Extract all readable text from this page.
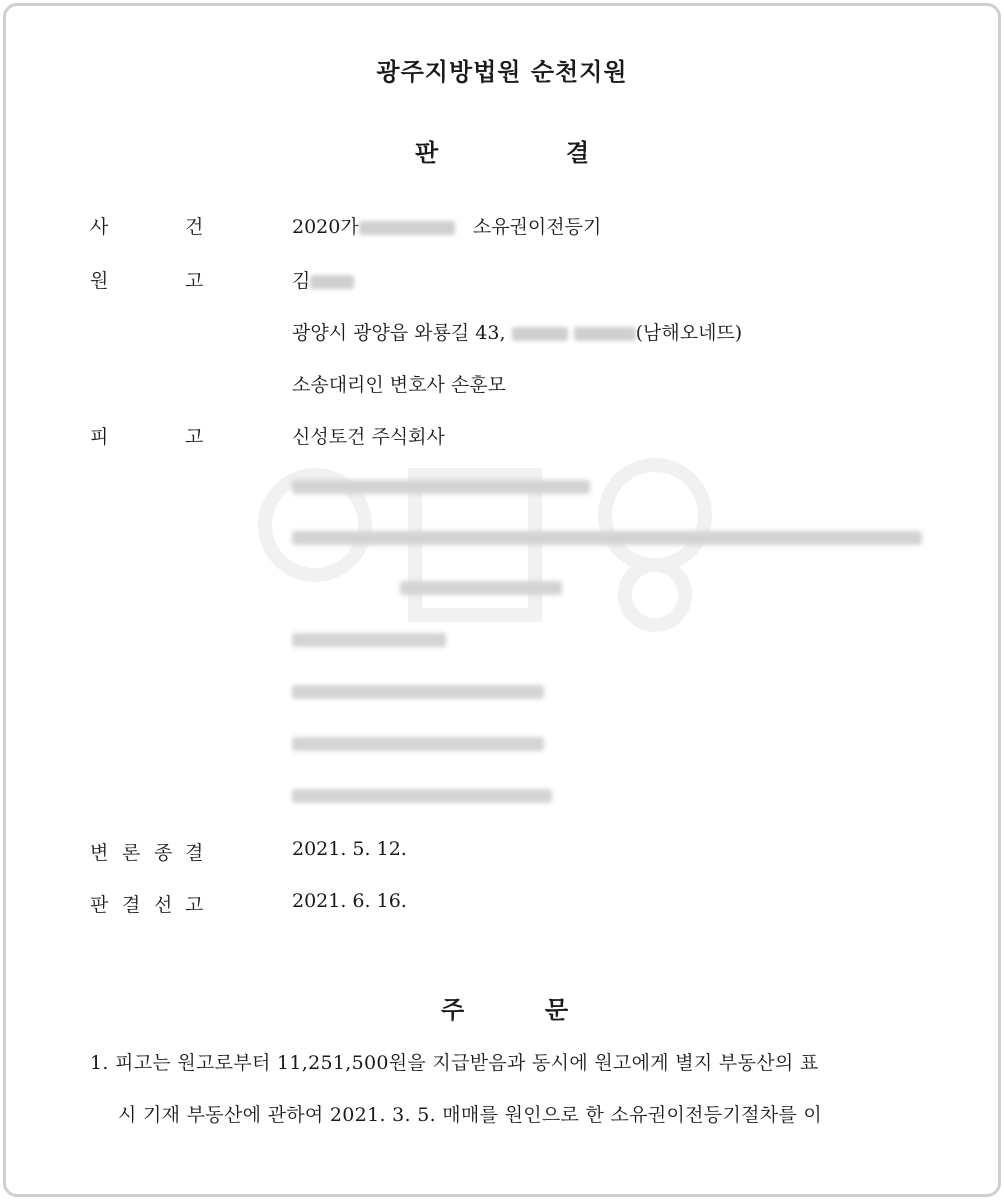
광주지방법원 순천지원
판	결
사	건	2020가	소유권이전등기
원	고	김
광양시 광양읍 와룡길 43,	(남해오네뜨)
소송대리인 변호사 손훈모
피	고	신성토건 주식회사
변 론 종 결	2021. 5. 12.
판 결 선 고	2021. 6. 16.
주	문
1. 피고는 원고로부터 11,251,500원을 지급받음과 동시에 원고에게 별지 부동산의 표
시 기재 부동산에 관하여 2021. 3. 5. 매매를 원인으로 한 소유권이전등기절차를 이
